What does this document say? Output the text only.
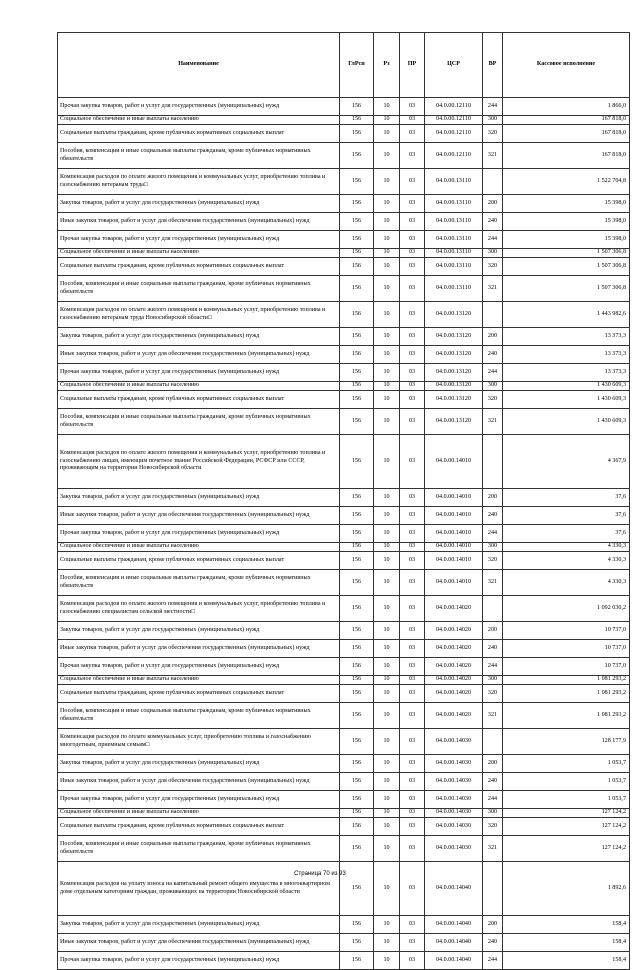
Наименование	ГлРсп	Рз	ПР	ЦСР	ВР	Кассовое исполнение
Прочая закупка товаров, работ и услуг для государственных (муниципальных) нужд	156	10	03	04.0.00.12110	244	1 866,0
Социальное обеспечение и иные выплаты населению	156	10	03	04.0.00.12110	300	167 818,0
Социальные выплаты гражданам, кроме публичных нормативных социальных выплат	156	10	03	04.0.00.12110	320	167 818,0
Пособия, компенсации и иные социальные выплаты гражданам, кроме публичных нормативных обязательств	156	10	03	04.0.00.12110	321	167 818,0
Компенсация расходов по оплате жилого помещения и коммунальных услуг, приобретению топлива и газоснабжению ветеранам труда□	156	10	03	04.0.00.13110		1 522 704,8
Закупка товаров, работ и услуг для государственных (муниципальных) нужд	156	10	03	04.0.00.13110	200	15 398,0
Иные закупки товаров, работ и услуг для обеспечения государственных (муниципальных) нужд	156	10	03	04.0.00.13110	240	15 398,0
Прочая закупка товаров, работ и услуг для государственных (муниципальных) нужд	156	10	03	04.0.00.13110	244	15 398,0
Социальное обеспечение и иные выплаты населению	156	10	03	04.0.00.13110	300	1 507 306,8
Социальные выплаты гражданам, кроме публичных нормативных социальных выплат	156	10	03	04.0.00.13110	320	1 507 306,8
Пособия, компенсации и иные социальные выплаты гражданам, кроме публичных нормативных обязательств	156	10	03	04.0.00.13110	321	1 507 306,8
Компенсация расходов по оплате жилого помещения и коммунальных услуг, приобретению топлива и газоснабжению ветеранам труда Новосибирской области□	156	10	03	04.0.00.13120		1 443 982,6
Закупка товаров, работ и услуг для государственных (муниципальных) нужд	156	10	03	04.0.00.13120	200	13 373,3
Иные закупки товаров, работ и услуг для обеспечения государственных (муниципальных) нужд	156	10	03	04.0.00.13120	240	13 373,3
Прочая закупка товаров, работ и услуг для государственных (муниципальных) нужд	156	10	03	04.0.00.13120	244	13 373,3
Социальное обеспечение и иные выплаты населению	156	10	03	04.0.00.13120	300	1 430 609,3
Социальные выплаты гражданам, кроме публичных нормативных социальных выплат	156	10	03	04.0.00.13120	320	1 430 609,3
Пособия, компенсации и иные социальные выплаты гражданам, кроме публичных нормативных обязательств	156	10	03	04.0.00.13120	321	1 430 609,3
Компенсация расходов по оплате жилого помещения и коммунальных услуг, приобретению топлива и газоснабжению лицам, имеющим почетное звание Российской Федерации, РСФСР или СССР, проживающим на территории Новосибирской области	156	10	03	04.0.00.14010		4 367,9
Закупка товаров, работ и услуг для государственных (муниципальных) нужд	156	10	03	04.0.00.14010	200	37,6
Иные закупки товаров, работ и услуг для обеспечения государственных (муниципальных) нужд	156	10	03	04.0.00.14010	240	37,6
Прочая закупка товаров, работ и услуг для государственных (муниципальных) нужд	156	10	03	04.0.00.14010	244	37,6
Социальное обеспечение и иные выплаты населению	156	10	03	04.0.00.14010	300	4 330,3
Социальные выплаты гражданам, кроме публичных нормативных социальных выплат	156	10	03	04.0.00.14010	320	4 330,3
Пособия, компенсации и иные социальные выплаты гражданам, кроме публичных нормативных обязательств	156	10	03	04.0.00.14010	321	4 330,3
Компенсация расходов по оплате жилого помещения и коммунальных услуг, приобретению топлива и газоснабжению специалистам сельской местности□	156	10	03	04.0.00.14020		1 092 030,2
Закупка товаров, работ и услуг для государственных (муниципальных) нужд	156	10	03	04.0.00.14020	200	10 737,0
Иные закупки товаров, работ и услуг для обеспечения государственных (муниципальных) нужд	156	10	03	04.0.00.14020	240	10 737,0
Прочая закупка товаров, работ и услуг для государственных (муниципальных) нужд	156	10	03	04.0.00.14020	244	10 737,0
Социальное обеспечение и иные выплаты населению	156	10	03	04.0.00.14020	300	1 081 293,2
Социальные выплаты гражданам, кроме публичных нормативных социальных выплат	156	10	03	04.0.00.14020	320	1 081 293,2
Пособия, компенсации и иные социальные выплаты гражданам, кроме публичных нормативных обязательств	156	10	03	04.0.00.14020	321	1 081 293,2
Компенсация расходов по оплате коммунальных услуг, приобретению топлива и газоснабжению многодетным, приемным семьям□	156	10	03	04.0.00.14030		128 177,9
Закупка товаров, работ и услуг для государственных (муниципальных) нужд	156	10	03	04.0.00.14030	200	1 053,7
Иные закупки товаров, работ и услуг для обеспечения государственных (муниципальных) нужд	156	10	03	04.0.00.14030	240	1 053,7
Прочая закупка товаров, работ и услуг для государственных (муниципальных) нужд	156	10	03	04.0.00.14030	244	1 053,7
Социальное обеспечение и иные выплаты населению	156	10	03	04.0.00.14030	300	127 124,2
Социальные выплаты гражданам, кроме публичных нормативных социальных выплат	156	10	03	04.0.00.14030	320	127 124,2
Пособия, компенсации и иные социальные выплаты гражданам, кроме публичных нормативных обязательств	156	10	03	04.0.00.14030	321	127 124,2
Компенсация расходов на уплату взноса на капитальный ремонт общего имущества в многоквартирном доме отдельным категориям граждан, проживающих на территории Новосибирской области	156	10	03	04.0.00.14040		1 892,6
Закупка товаров, работ и услуг для государственных (муниципальных) нужд	156	10	03	04.0.00.14040	200	158,4
Иные закупки товаров, работ и услуг для обеспечения государственных (муниципальных) нужд	156	10	03	04.0.00.14040	240	158,4
Прочая закупка товаров, работ и услуг для государственных (муниципальных) нужд	156	10	03	04.0.00.14040	244	158,4
Страница 70 из 93
